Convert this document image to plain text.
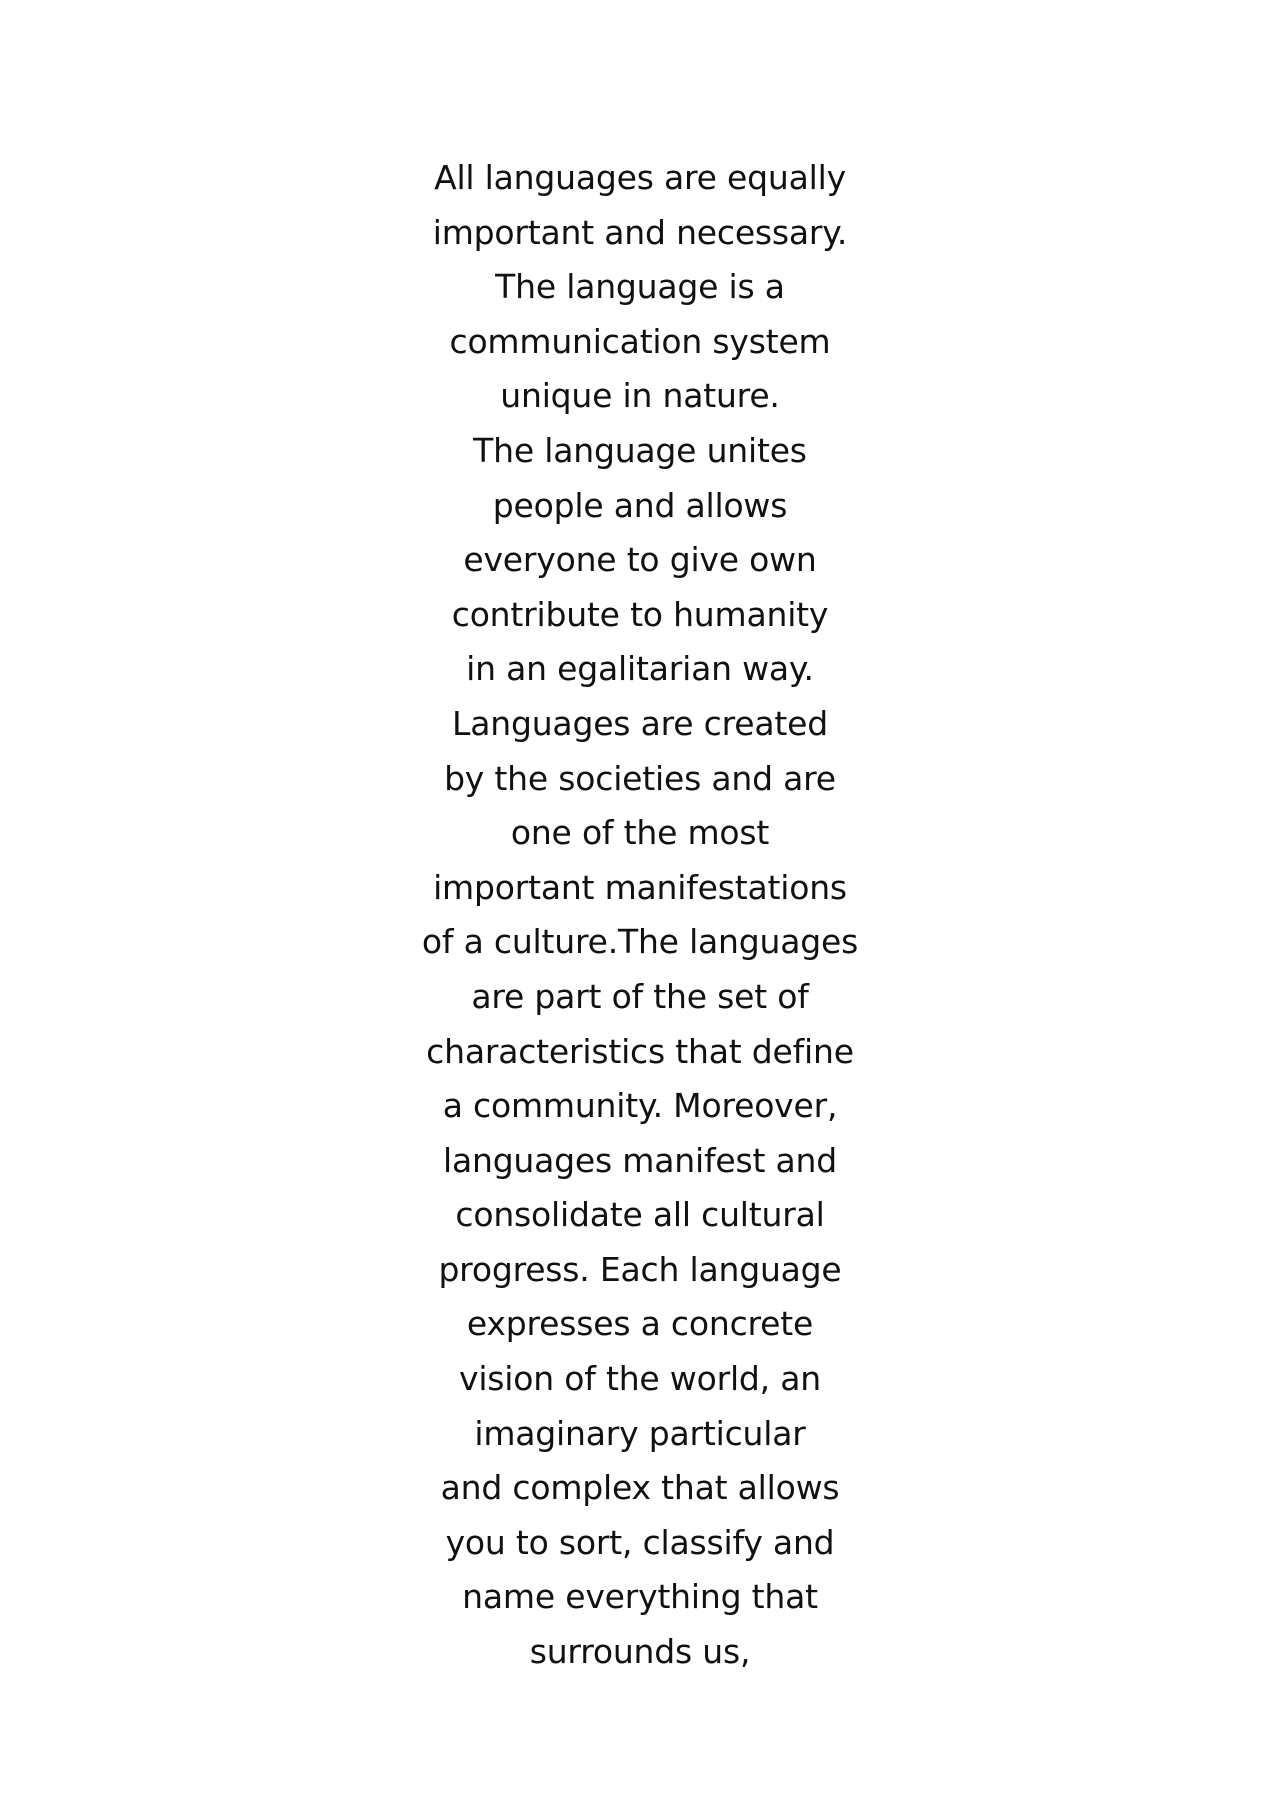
All languages are equally
important and necessary.
The language is a
communication system
unique in nature.
The language unites
people and allows
everyone to give own
contribute to humanity
in an egalitarian way.
Languages are created
by the societies and are
one of the most
important manifestations
of a culture.The languages
are part of the set of
characteristics that define
a community. Moreover,
languages manifest and
consolidate all cultural
progress. Each language
expresses a concrete
vision of the world, an
imaginary particular
and complex that allows
you to sort, classify and
name everything that
surrounds us,
